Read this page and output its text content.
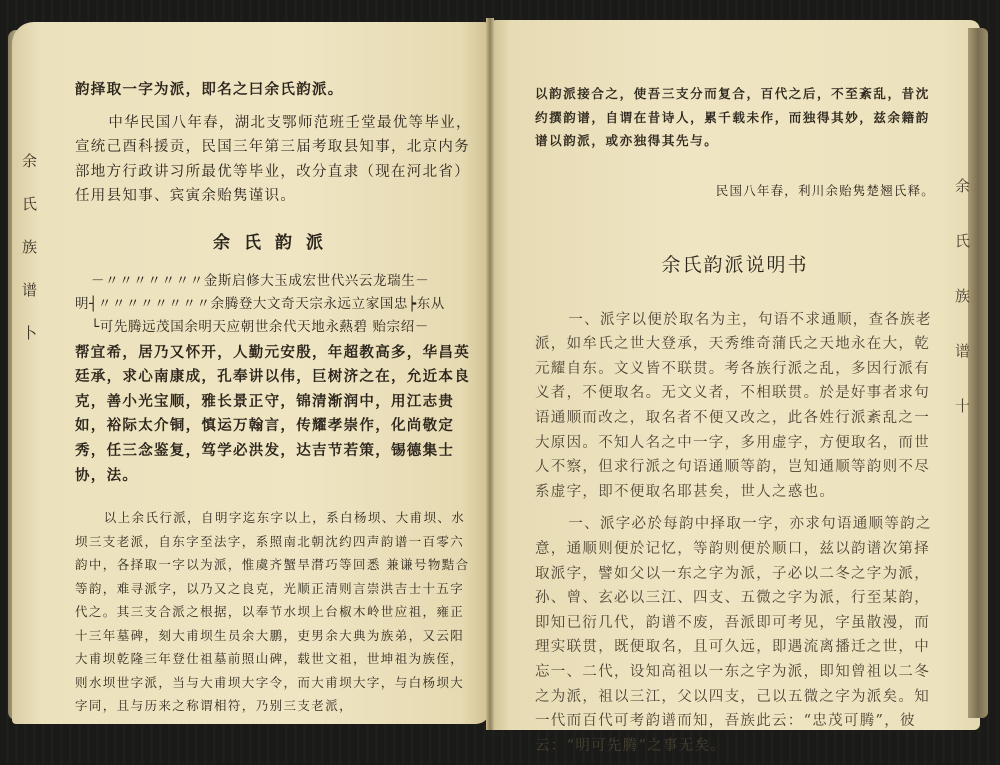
余
氏
族
谱
卜
余
氏
族
谱
十

韵择取一字为派，即名之曰余氏韵派。

中华民国八年春，湖北支鄂师范班壬堂最优等毕业，宣统己酉科援贡，民国三年第三届考取县知事，北京内务部地方行政讲习所最优等毕业，改分直隶（现在河北省）任用县知事、宾寅余贻隽谨识。

余氏韵派
－〃〃〃〃〃〃〃金斯启修大玉成宏世代兴云龙瑞生－
明┤〃〃〃〃〃〃〃〃余腾登大文奇天宗永远立家国忠┝东从
└可先腾远茂国余明天应朝世余代天地永爇碧 贻宗绍－

帮宜希，居乃又怀开，人勤元安殷，年超教高多，华昌英廷承，求心南康成，孔奉讲以伟，巨树济之在，允近本良克，善小光宝顺，雅长景正守，锦清渐润中，用江志贵如，裕际太介铜，慎运万翰言，传耀孝崇作，化尚敬定秀，任三念鉴复，笃学必洪发，达吉节若策，锡德集士协，法。

以上余氏行派，自明字迄东字以上，系白杨坝、大甫坝、水坝三支老派，自东字至法字，系照南北朝沈约四声韵谱一百零六韵中，各择取一字以为派，惟虞齐蟹旱潸巧等回悉 兼谦号物黠合等韵，难寻派字，以乃又之良克，光顺正清则言崇洪吉士十五字代之。其三支合派之根据，以奉节水坝上台椒木岭世应祖，雍正十三年墓碑，刻大甫坝生员余大鹏，吏男余大典为族弟，又云阳大甫坝乾隆三年登仕祖墓前照山碑，载世文祖，世坤祖为族侄，则水坝世字派，当与大甫坝大字令，而大甫坝大字，与白杨坝大字同，且与历来之称谓相符，乃别三支老派，

以韵派接合之，使吾三支分而复合，百代之后，不至紊乱，昔沈约撰韵谱，自谓在昔诗人，累千载未作，而独得其妙，兹余籍韵谱以韵派，或亦独得其先与。

民国八年春，利川余贻隽楚翘氏释。

余氏韵派说明书

一、派字以便於取名为主，句语不求通顺，查各族老派，如牟氏之世大登承，天秀维奇蒲氏之天地永在大，乾元耀自东。文义皆不联贯。考各族行派之乱，多因行派有义者，不便取名。无文义者，不相联贯。於是好事者求句语通顺而改之，取名者不便又改之，此各姓行派紊乱之一大原因。不知人名之中一字，多用虚字，方便取名，而世人不察，但求行派之句语通顺等韵，岂知通顺等韵则不尽系虚字，即不便取名耶甚矣，世人之惑也。

一、派字必於每韵中择取一字，亦求句语通顺等韵之意，通顺则便於记忆，等韵则便於顺口，兹以韵谱次第择取派字，譬如父以一东之字为派，子必以二冬之字为派，孙、曾、玄必以三江、四支、五微之字为派，行至某韵，即知已衍几代，韵谱不废，吾派即可考见，字虽散漫，而理实联贯，既便取名，且可久远，即遇流离播迁之世，中忘一、二代，设知高祖以一东之字为派，即知曾祖以二冬之为派，祖以三江，父以四支，己以五微之字为派矣。知一代而百代可考韵谱而知，吾族此云：“忠茂可腾”，彼云：“明可先腾”之事无矣。
